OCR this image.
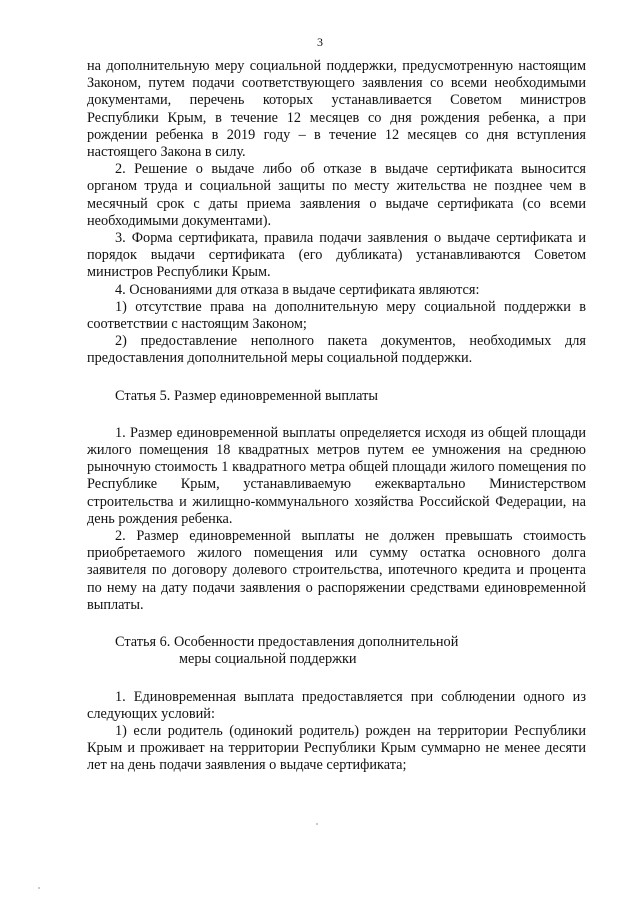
3

на дополнительную меру социальной поддержки, предусмотренную настоящим Законом, путем подачи соответствующего заявления со всеми необходимыми документами, перечень которых устанавливается Советом министров Республики Крым, в течение 12 месяцев со дня рождения ребенка, а при рождении ребенка в 2019 году – в течение 12 месяцев со дня вступления настоящего Закона в силу.

2. Решение о выдаче либо об отказе в выдаче сертификата выносится органом труда и социальной защиты по месту жительства не позднее чем в месячный срок с даты приема заявления о выдаче сертификата (со всеми необходимыми документами).

3. Форма сертификата, правила подачи заявления о выдаче сертификата и порядок выдачи сертификата (его дубликата) устанавливаются Советом министров Республики Крым.

4. Основаниями для отказа в выдаче сертификата являются:

1) отсутствие права на дополнительную меру социальной поддержки в соответствии с настоящим Законом;

2) предоставление неполного пакета документов, необходимых для предоставления дополнительной меры социальной поддержки.

Статья 5. Размер единовременной выплаты

1. Размер единовременной выплаты определяется исходя из общей площади жилого помещения 18 квадратных метров путем ее умножения на среднюю рыночную стоимость 1 квадратного метра общей площади жилого помещения по Республике Крым, устанавливаемую ежеквартально Министерством строительства и жилищно-коммунального хозяйства Российской Федерации, на день рождения ребенка.

2. Размер единовременной выплаты не должен превышать стоимость приобретаемого жилого помещения или сумму остатка основного долга заявителя по договору долевого строительства, ипотечного кредита и процента по нему на дату подачи заявления о распоряжении средствами единовременной выплаты.

Статья 6. Особенности предоставления дополнительной
меры социальной поддержки

1. Единовременная выплата предоставляется при соблюдении одного из следующих условий:

1) если родитель (одинокий родитель) рожден на территории Республики Крым и проживает на территории Республики Крым суммарно не менее десяти лет на день подачи заявления о выдаче сертификата;
